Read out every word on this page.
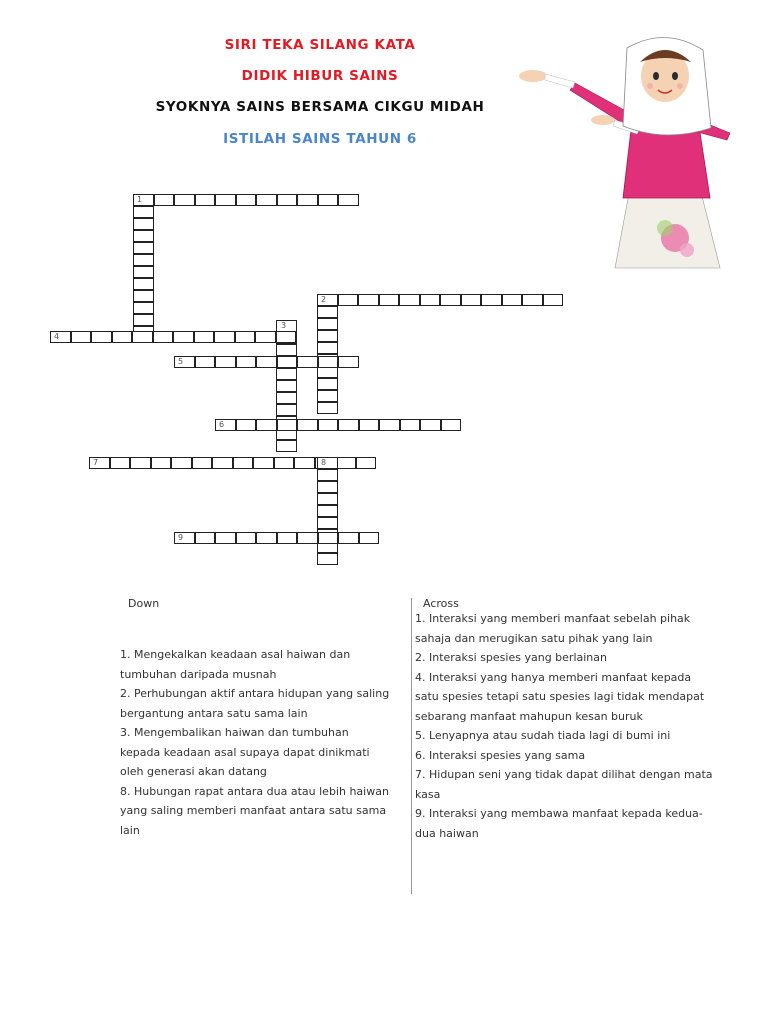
SIRI TEKA SILANG KATA
DIDIK HIBUR SAINS
SYOKNYA SAINS BERSAMA CIKGU MIDAH
ISTILAH SAINS TAHUN 6
1
2
3
4
5
6
7	8
9
Down	Across
1. Mengekalkan keadaan asal haiwan dan tumbuhan daripada musnah
2. Perhubungan aktif antara hidupan yang saling bergantung antara satu sama lain
3. Mengembalikan haiwan dan tumbuhan kepada keadaan asal supaya dapat dinikmati oleh generasi akan datang
8. Hubungan rapat antara dua atau lebih haiwan yang saling memberi manfaat antara satu sama lain
1. Interaksi yang memberi manfaat sebelah pihak sahaja dan merugikan satu pihak yang lain
2. Interaksi spesies yang berlainan
4. Interaksi yang hanya memberi manfaat kepada satu spesies tetapi satu spesies lagi tidak mendapat sebarang manfaat mahupun kesan buruk
5. Lenyapnya atau sudah tiada lagi di bumi ini
6. Interaksi spesies yang sama
7. Hidupan seni yang tidak dapat dilihat dengan mata kasa
9. Interaksi yang membawa manfaat kepada kedua-dua haiwan
